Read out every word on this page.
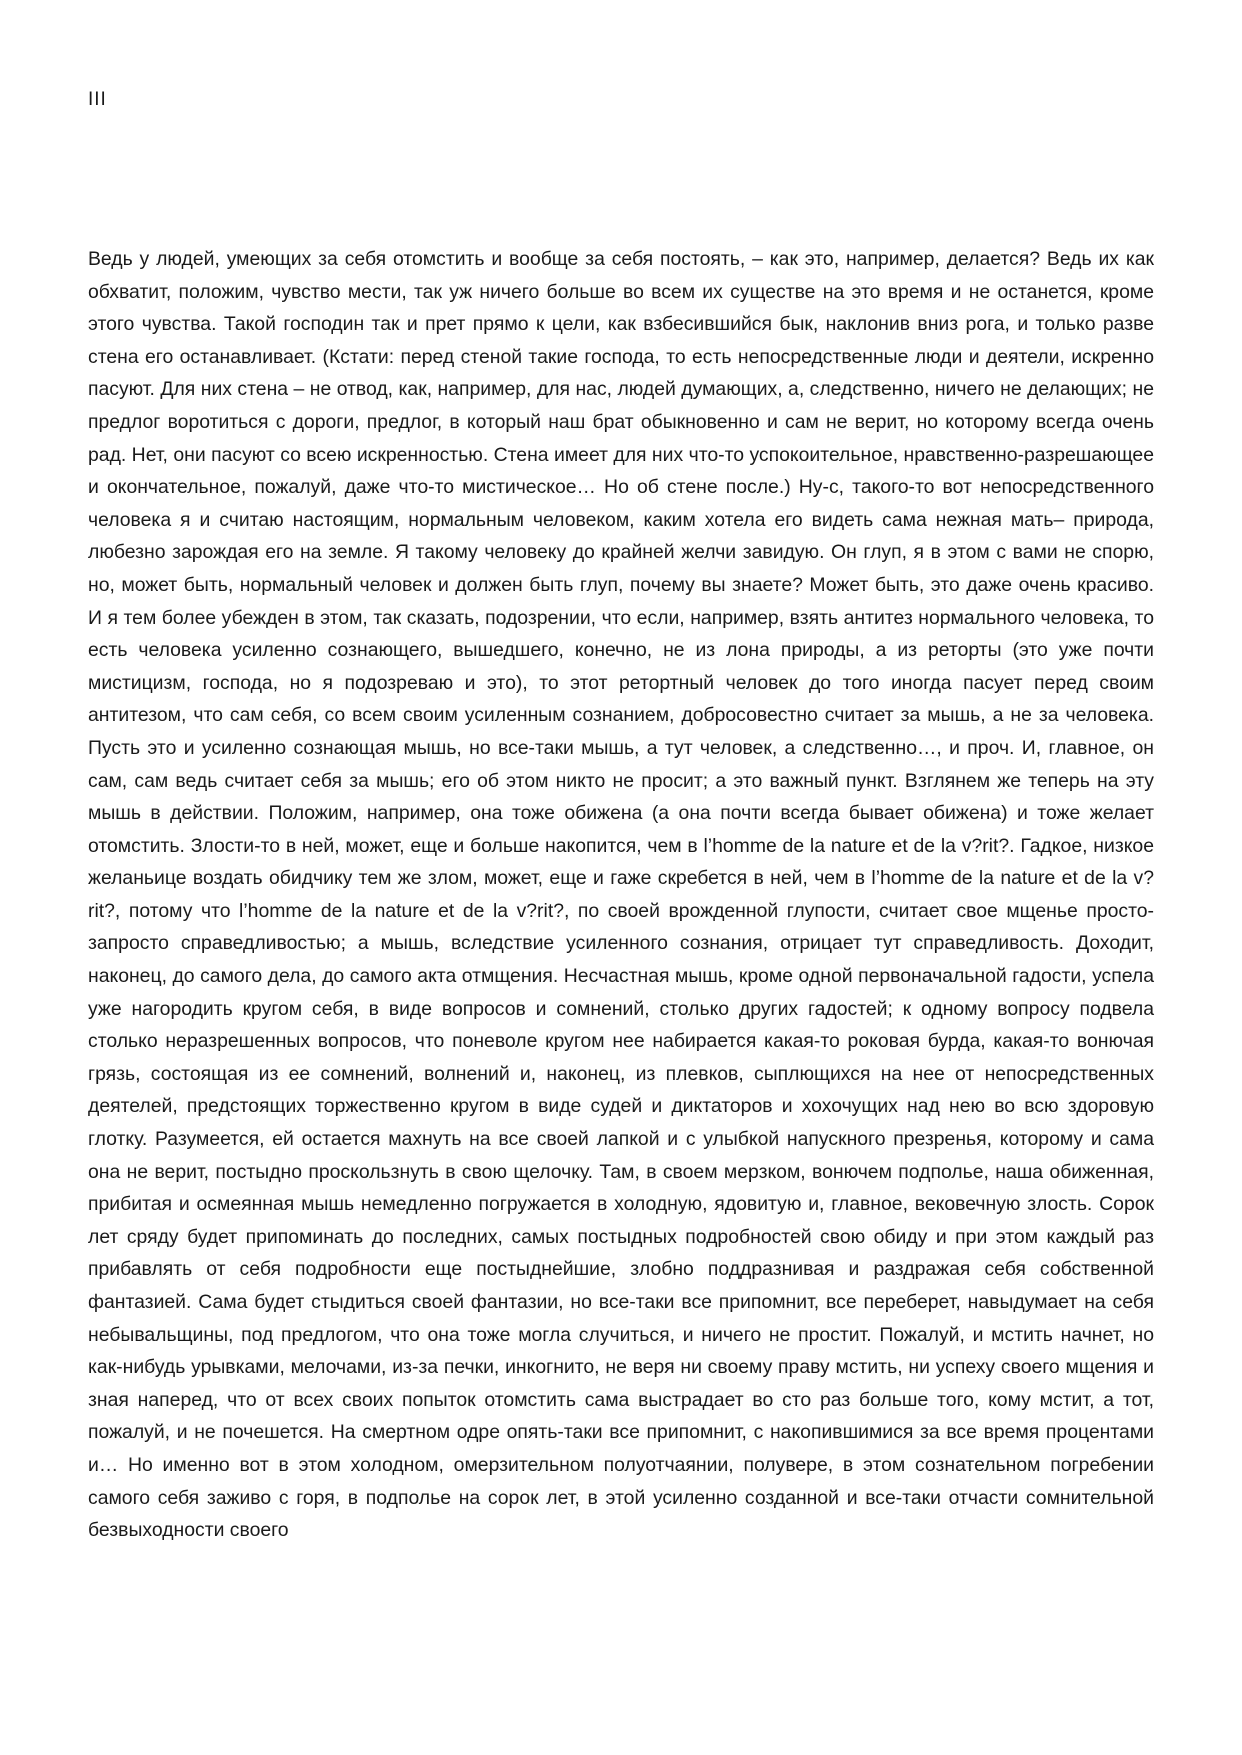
III

Ведь у людей, умеющих за себя отомстить и вообще за себя постоять, – как это, например, делается? Ведь их как обхватит, положим, чувство мести, так уж ничего больше во всем их существе на это время и не останется, кроме этого чувства. Такой господин так и прет прямо к цели, как взбесившийся бык, наклонив вниз рога, и только разве стена его останавливает. (Кстати: перед стеной такие господа, то есть непосредственные люди и деятели, искренно пасуют. Для них стена – не отвод, как, например, для нас, людей думающих, а, следственно, ничего не делающих; не предлог воротиться с дороги, предлог, в который наш брат обыкновенно и сам не верит, но которому всегда очень рад. Нет, они пасуют со всею искренностью. Стена имеет для них что-то успокоительное, нравственно-разрешающее и окончательное, пожалуй, даже что-то мистическое… Но об стене после.) Ну-с, такого-то вот непосредственного человека я и считаю настоящим, нормальным человеком, каким хотела его видеть сама нежная мать– природа, любезно зарождая его на земле. Я такому человеку до крайней желчи завидую. Он глуп, я в этом с вами не спорю, но, может быть, нормальный человек и должен быть глуп, почему вы знаете? Может быть, это даже очень красиво. И я тем более убежден в этом, так сказать, подозрении, что если, например, взять антитез нормального человека, то есть человека усиленно сознающего, вышедшего, конечно, не из лона природы, а из реторты (это уже почти мистицизм, господа, но я подозреваю и это), то этот ретортный человек до того иногда пасует перед своим антитезом, что сам себя, со всем своим усиленным сознанием, добросовестно считает за мышь, а не за человека. Пусть это и усиленно сознающая мышь, но все-таки мышь, а тут человек, а следственно…, и проч. И, главное, он сам, сам ведь считает себя за мышь; его об этом никто не просит; а это важный пункт. Взглянем же теперь на эту мышь в действии. Положим, например, она тоже обижена (а она почти всегда бывает обижена) и тоже желает отомстить. Злости-то в ней, может, еще и больше накопится, чем в l’homme de la nature et de la v?rit?. Гадкое, низкое желаньице воздать обидчику тем же злом, может, еще и гаже скребется в ней, чем в l’homme de la nature et de la v?rit?, потому что l’homme de la nature et de la v?rit?, по своей врожденной глупости, считает свое мщенье просто-запросто справедливостью; а мышь, вследствие усиленного сознания, отрицает тут справедливость. Доходит, наконец, до самого дела, до самого акта отмщения. Несчастная мышь, кроме одной первоначальной гадости, успела уже нагородить кругом себя, в виде вопросов и сомнений, столько других гадостей; к одному вопросу подвела столько неразрешенных вопросов, что поневоле кругом нее набирается какая-то роковая бурда, какая-то вонючая грязь, состоящая из ее сомнений, волнений и, наконец, из плевков, сыплющихся на нее от непосредственных деятелей, предстоящих торжественно кругом в виде судей и диктаторов и хохочущих над нею во всю здоровую глотку. Разумеется, ей остается махнуть на все своей лапкой и с улыбкой напускного презренья, которому и сама она не верит, постыдно проскользнуть в свою щелочку. Там, в своем мерзком, вонючем подполье, наша обиженная, прибитая и осмеянная мышь немедленно погружается в холодную, ядовитую и, главное, вековечную злость. Сорок лет сряду будет припоминать до последних, самых постыдных подробностей свою обиду и при этом каждый раз прибавлять от себя подробности еще постыднейшие, злобно поддразнивая и раздражая себя собственной фантазией. Сама будет стыдиться своей фантазии, но все-таки все припомнит, все переберет, навыдумает на себя небывальщины, под предлогом, что она тоже могла случиться, и ничего не простит. Пожалуй, и мстить начнет, но как-нибудь урывками, мелочами, из-за печки, инкогнито, не веря ни своему праву мстить, ни успеху своего мщения и зная наперед, что от всех своих попыток отомстить сама выстрадает во сто раз больше того, кому мстит, а тот, пожалуй, и не почешется. На смертном одре опять-таки все припомнит, с накопившимися за все время процентами и… Но именно вот в этом холодном, омерзительном полуотчаянии, полувере, в этом сознательном погребении самого себя заживо с горя, в подполье на сорок лет, в этой усиленно созданной и все-таки отчасти сомнительной безвыходности своего
